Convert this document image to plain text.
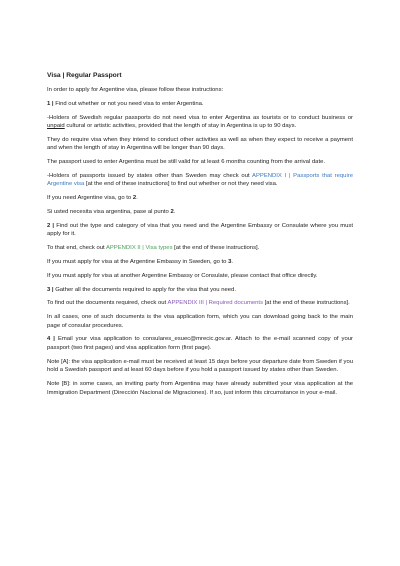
Visa | Regular Passport

In order to apply for Argentine visa, please follow these instructions:

1 | Find out whether or not you need visa to enter Argentina.

-Holders of Swedish regular passports do not need visa to enter Argentina as tourists or to conduct business or unpaid cultural or artistic activities, provided that the length of stay in Argentina is up to 90 days.

They do require visa when they intend to conduct other activities as well as when they expect to receive a payment and when the length of stay in Argentina will be longer than 90 days.

The passport used to enter Argentina must be still valid for at least 6 months counting from the arrival date.

-Holders of passports issued by states other than Sweden may check out APPENDIX I | Passports that require Argentine visa [at the end of these instructions] to find out whether or not they need visa.

If you need Argentine visa, go to 2.

Si usted necesita visa argentina, pase al punto 2.

2 | Find out the type and category of visa that you need and the Argentine Embassy or Consulate where you must apply for it.

To that end, check out APPENDIX II | Visa types [at the end of these instructions].

If you must apply for visa at the Argentine Embassy in Sweden, go to 3.

If you must apply for visa at another Argentine Embassy or Consulate, please contact that office directly.

3 | Gather all the documents required to apply for the visa that you need.

To find out the documents required, check out APPENDIX III | Required documents [at the end of these instructions].

In all cases, one of such documents is the visa application form, which you can download going back to the main page of consular procedures.

4 | Email your visa application to consulares_esuec@mrecic.gov.ar. Attach to the e-mail scanned copy of your passport (two first pages) and visa application form (first page).

Note [A]: the visa application e-mail must be received at least 15 days before your departure date from Sweden if you hold a Swedish passport and at least 60 days before if you hold a passport issued by states other than Sweden.

Note [B]: in some cases, an inviting party from Argentina may have already submitted your visa application at the Immigration Department (Dirección Nacional de Migraciones). If so, just inform this circumstance in your e-mail.
